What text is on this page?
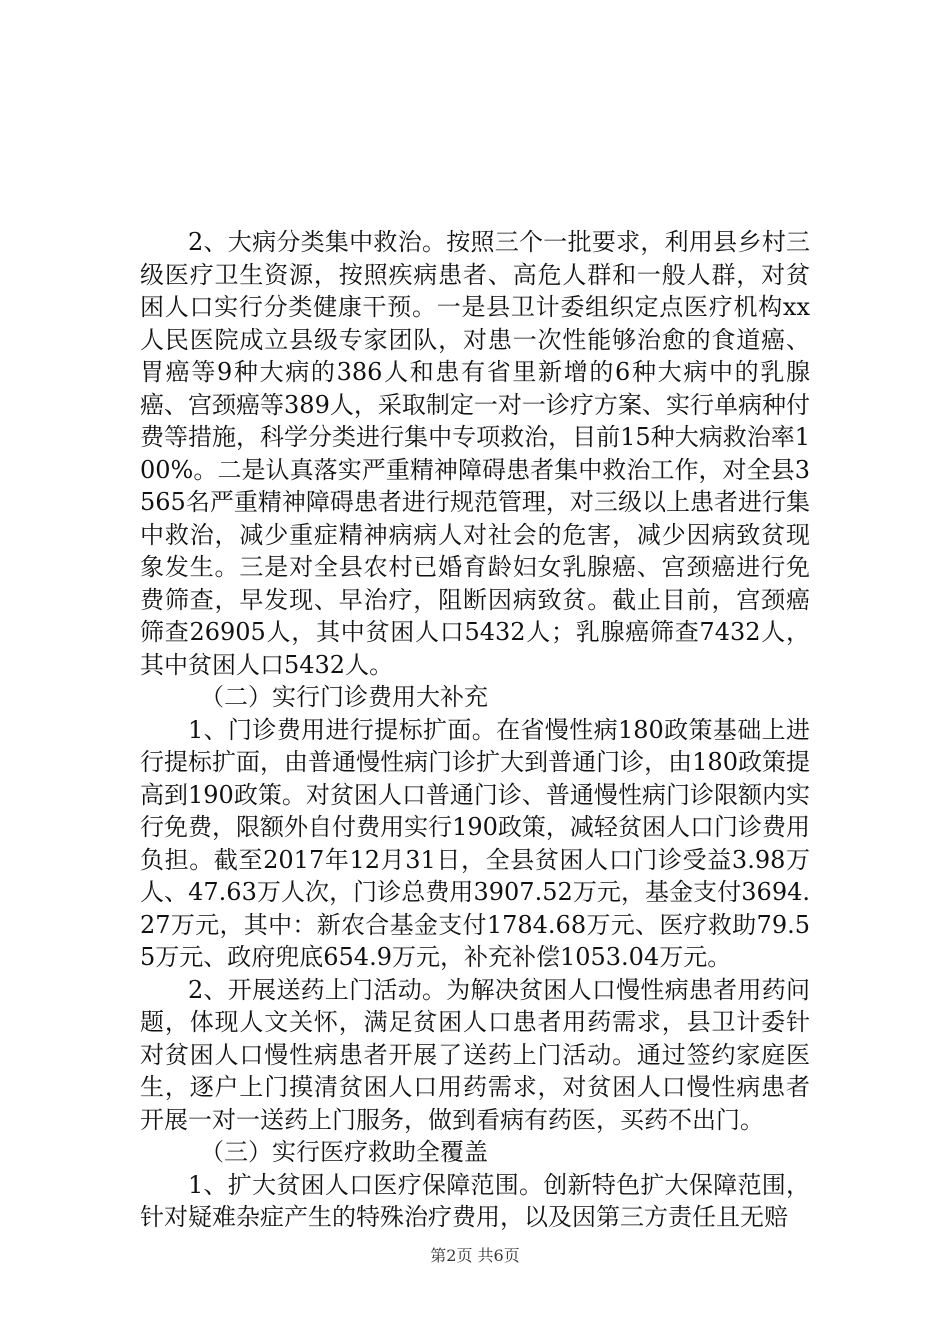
2、大病分类集中救治。按照三个一批要求，利用县乡村三级医疗卫生资源，按照疾病患者、高危人群和一般人群，对贫困人口实行分类健康干预。一是县卫计委组织定点医疗机构xx人民医院成立县级专家团队，对患一次性能够治愈的食道癌、胃癌等9种大病的386人和患有省里新增的6种大病中的乳腺癌、宫颈癌等389人，采取制定一对一诊疗方案、实行单病种付费等措施，科学分类进行集中专项救治，目前15种大病救治率100%。二是认真落实严重精神障碍患者集中救治工作，对全县3565名严重精神障碍患者进行规范管理，对三级以上患者进行集中救治，减少重症精神病病人对社会的危害，减少因病致贫现象发生。三是对全县农村已婚育龄妇女乳腺癌、宫颈癌进行免费筛查，早发现、早治疗，阻断因病致贫。截止目前，宫颈癌筛查26905人，其中贫困人口5432人；乳腺癌筛查7432人，其中贫困人口5432人。

（二）实行门诊费用大补充

1、门诊费用进行提标扩面。在省慢性病180政策基础上进行提标扩面，由普通慢性病门诊扩大到普通门诊，由180政策提高到190政策。对贫困人口普通门诊、普通慢性病门诊限额内实行免费，限额外自付费用实行190政策，减轻贫困人口门诊费用负担。截至2017年12月31日，全县贫困人口门诊受益3.98万人、47.63万人次，门诊总费用3907.52万元，基金支付3694.27万元，其中：新农合基金支付1784.68万元、医疗救助79.55万元、政府兜底654.9万元，补充补偿1053.04万元。

2、开展送药上门活动。为解决贫困人口慢性病患者用药问题，体现人文关怀，满足贫困人口患者用药需求，县卫计委针对贫困人口慢性病患者开展了送药上门活动。通过签约家庭医生，逐户上门摸清贫困人口用药需求，对贫困人口慢性病患者开展一对一送药上门服务，做到看病有药医，买药不出门。

（三）实行医疗救助全覆盖

1、扩大贫困人口医疗保障范围。创新特色扩大保障范围，针对疑难杂症产生的特殊治疗费用，以及因第三方责任且无赔

第2页 共6页
